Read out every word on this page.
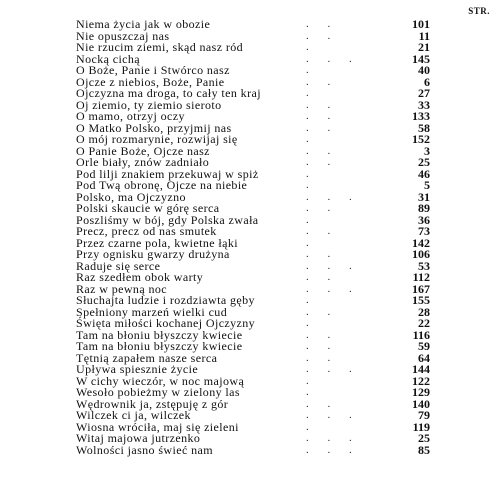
STR.
Niema życia jak w obozie	. .	101
Nie opuszczaj nas	. .	11
Nie rzucim ziemi, skąd nasz ród	.	21
Nocką cichą	. . .	145
O Boże, Panie i Stwórco nasz	.	40
Ojcze z niebios, Boże, Panie	. .	6
Ojczyzna ma droga, to cały ten kraj	.	27
Oj ziemio, ty ziemio sieroto	. .	33
O mamo, otrzyj oczy	. .	133
O Matko Polsko, przyjmij nas	. .	58
O mój rozmarynie, rozwijaj się	.	152
O Panie Boże, Ojcze nasz	. .	3
Orle biały, znów zadniało	. .	25
Pod lilji znakiem przekuwaj w spiż	.	46
Pod Twą obronę, Ojcze na niebie	.	5
Polsko, ma Ojczyzno	. . .	31
Polski skaucie w górę serca	. .	89
Poszliśmy w bój, gdy Polska zwała	.	36
Precz, precz od nas smutek	. .	73
Przez czarne pola, kwietne łąki	.	142
Przy ognisku gwarzy drużyna	. .	106
Raduje się serce	. . .	53
Raz szedłem obok warty	. .	112
Raz w pewną noc	. . .	167
Słuchajta ludzie i rozdziawta gęby	.	155
Spełniony marzeń wielki cud	. .	28
Święta miłości kochanej Ojczyzny	.	22
Tam na błoniu błyszczy kwiecie	. .	116
Tam na błoniu błyszczy kwiecie	. .	59
Tętnią zapałem nasze serca	. .	64
Upływa spiesznie życie	. . .	144
W cichy wieczór, w noc majową	.	122
Wesoło pobieżmy w zielony las	.	129
Wędrownik ja, zstępuję z gór	. .	140
Wilczek ci ja, wilczek	. . .	79
Wiosna wróciła, maj się zieleni	.	119
Witaj majowa jutrzenko	. . .	25
Wolności jasno świeć nam	. . .	85
